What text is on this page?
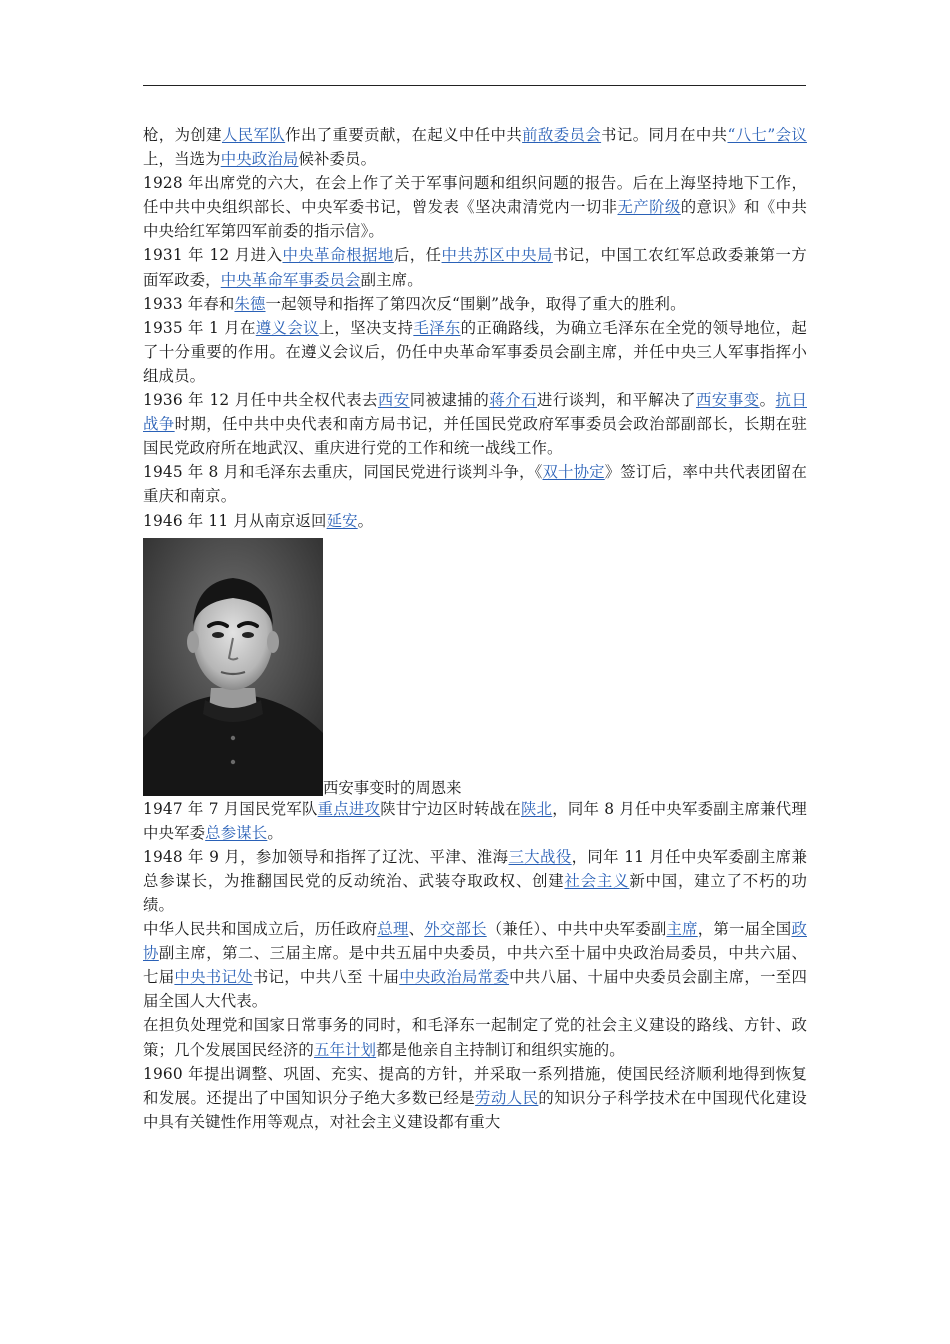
枪，为创建人民军队作出了重要贡献，在起义中任中共前敌委员会书记。同月在中共“八七”会议上，当选为中央政治局候补委员。

1928 年出席党的六大，在会上作了关于军事问题和组织问题的报告。后在上海坚持地下工作，任中共中央组织部长、中央军委书记，曾发表《坚决肃清党内一切非无产阶级的意识》和《中共中央给红军第四军前委的指示信》。

1931 年 12 月进入中央革命根据地后，任中共苏区中央局书记，中国工农红军总政委兼第一方面军政委，中央革命军事委员会副主席。

1933 年春和朱德一起领导和指挥了第四次反“围剿”战争，取得了重大的胜利。

1935 年 1 月在遵义会议上，坚决支持毛泽东的正确路线，为确立毛泽东在全党的领导地位，起了十分重要的作用。在遵义会议后，仍任中央革命军事委员会副主席，并任中央三人军事指挥小组成员。

1936 年 12 月任中共全权代表去西安同被逮捕的蒋介石进行谈判，和平解决了西安事变。抗日战争时期，任中共中央代表和南方局书记，并任国民党政府军事委员会政治部副部长，长期在驻国民党政府所在地武汉、重庆进行党的工作和统一战线工作。

1945 年 8 月和毛泽东去重庆，同国民党进行谈判斗争，《双十协定》签订后，率中共代表团留在重庆和南京。

1946 年 11 月从南京返回延安。

西安事变时的周恩来

1947 年 7 月国民党军队重点进攻陕甘宁边区时转战在陕北，同年 8 月任中央军委副主席兼代理中央军委总参谋长。

1948 年 9 月，参加领导和指挥了辽沈、平津、淮海三大战役，同年 11 月任中央军委副主席兼总参谋长，为推翻国民党的反动统治、武装夺取政权、创建社会主义新中国，建立了不朽的功绩。

中华人民共和国成立后，历任政府总理、外交部长（兼任）、中共中央军委副主席，第一届全国政协副主席，第二、三届主席。是中共五届中央委员，中共六至十届中央政治局委员，中共六届、七届中央书记处书记，中共八至 十届中央政治局常委中共八届、十届中央委员会副主席，一至四届全国人大代表。

在担负处理党和国家日常事务的同时，和毛泽东一起制定了党的社会主义建设的路线、方针、政策；几个发展国民经济的五年计划都是他亲自主持制订和组织实施的。

1960 年提出调整、巩固、充实、提高的方针，并采取一系列措施，使国民经济顺利地得到恢复和发展。还提出了中国知识分子绝大多数已经是劳动人民的知识分子科学技术在中国现代化建设中具有关键性作用等观点，对社会主义建设都有重大
